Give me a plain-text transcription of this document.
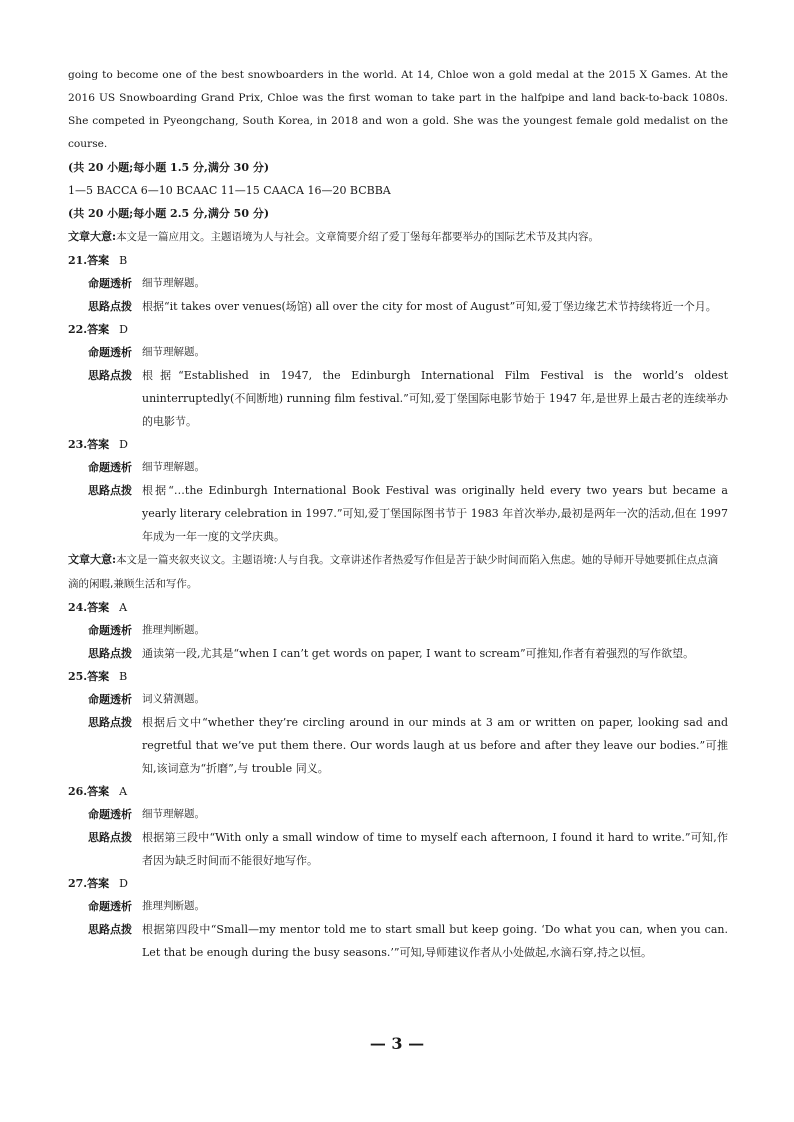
going to become one of the best snowboarders in the world. At 14, Chloe won a gold medal at the 2015 X Games. At the 2016 US Snowboarding Grand Prix, Chloe was the first woman to take part in the halfpipe and land back-to-back 1080s. She competed in Pyeongchang, South Korea, in 2018 and won a gold. She was the youngest female gold medalist on the course.

(共 20 小题;每小题 1.5 分,满分 30 分)

1—5 BACCA 6—10 BCAAC 11—15 CAACA 16—20 BCBBA

(共 20 小题;每小题 2.5 分,满分 50 分)

文章大意:本文是一篇应用文。主题语境为人与社会。文章简要介绍了爱丁堡每年都要举办的国际艺术节及其内容。

21.答案 B

命题透析 细节理解题。
思路点拨 根据“it takes over venues(场馆) all over the city for most of August”可知,爱丁堡边缘艺术节持续将近一个月。

22.答案 D

命题透析 细节理解题。
思路点拨 根据“Established in 1947, the Edinburgh International Film Festival is the world’s oldest uninterruptedly(不间断地) running film festival.”可知,爱丁堡国际电影节始于 1947 年,是世界上最古老的连续举办的电影节。

23.答案 D

命题透析 细节理解题。
思路点拨 根据“…the Edinburgh International Book Festival was originally held every two years but became a yearly literary celebration in 1997.”可知,爱丁堡国际图书节于 1983 年首次举办,最初是两年一次的活动,但在 1997 年成为一年一度的文学庆典。

文章大意:本文是一篇夹叙夹议文。主题语境:人与自我。文章讲述作者热爱写作但是苦于缺少时间而陷入焦虑。她的导师开导她要抓住点点滴滴的闲暇,兼顾生活和写作。

24.答案 A

命题透析 推理判断题。
思路点拨 通读第一段,尤其是“when I can’t get words on paper, I want to scream”可推知,作者有着强烈的写作欲望。

25.答案 B

命题透析 词义猜测题。
思路点拨 根据后文中“whether they’re circling around in our minds at 3 am or written on paper, looking sad and regretful that we’ve put them there. Our words laugh at us before and after they leave our bodies.”可推知,该词意为“折磨”,与 trouble 同义。

26.答案 A

命题透析 细节理解题。
思路点拨 根据第三段中“With only a small window of time to myself each afternoon, I found it hard to write.”可知,作者因为缺乏时间而不能很好地写作。

27.答案 D

命题透析 推理判断题。
思路点拨 根据第四段中“Small—my mentor told me to start small but keep going. ‘Do what you can, when you can. Let that be enough during the busy seasons.’”可知,导师建议作者从小处做起,水滴石穿,持之以恒。
— 3 —
